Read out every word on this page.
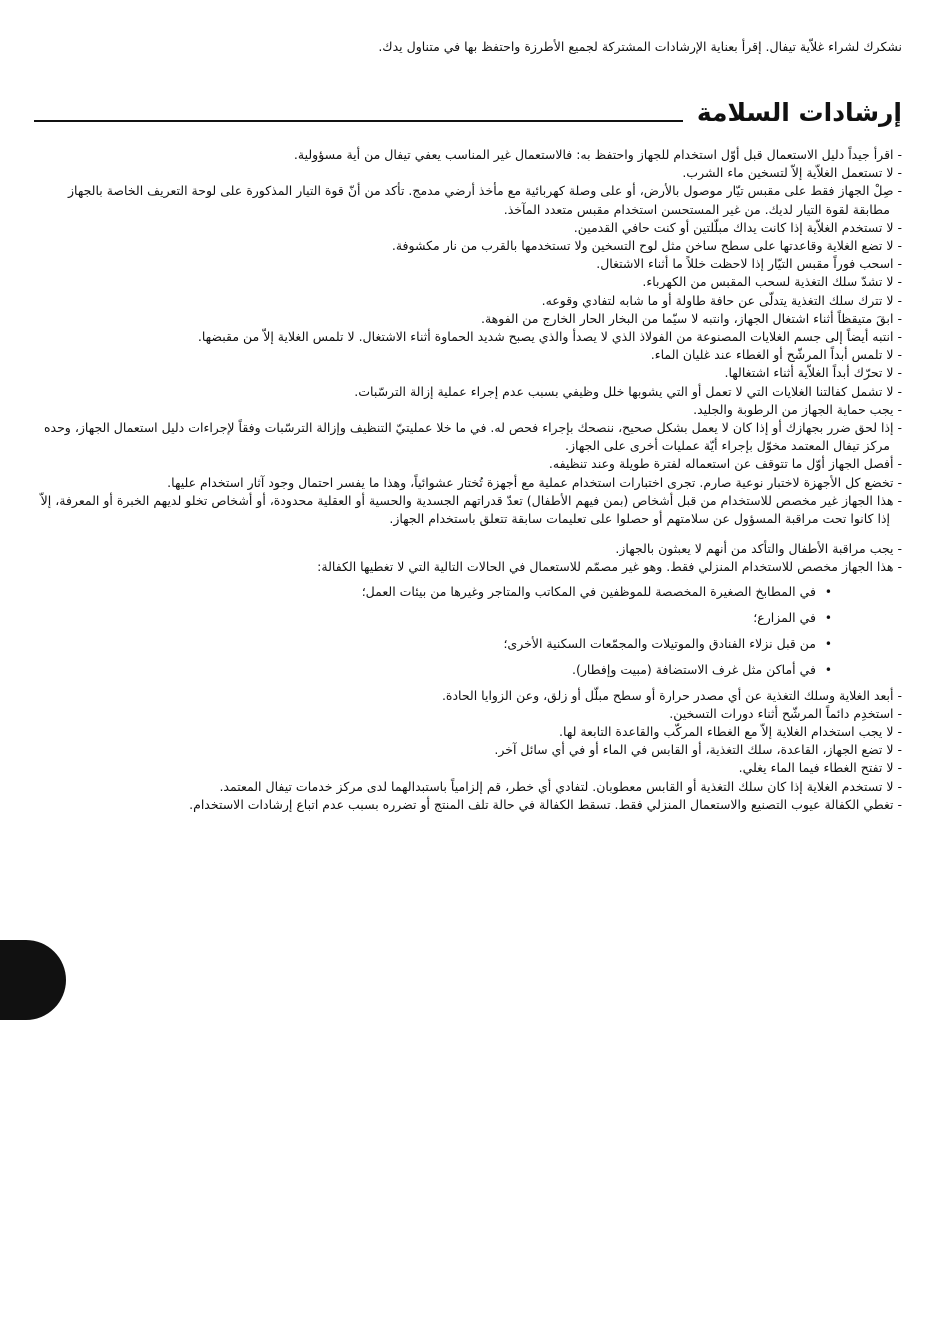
نشكرك لشراء غلاّية تيفال. إقرأ بعناية الإرشادات المشتركة لجميع الأطرزة واحتفظ بها في متناول يدك.

إرشادات السلامة

- اقرأ جيداً دليل الاستعمال قبل أوّل استخدام للجهاز واحتفظ به: فالاستعمال غير المناسب يعفي تيفال من أية مسؤولية.

- لا تستعمل الغلاّية إلاّ لتسخين ماء الشرب.

- صِلْ الجهاز فقط على مقبس تيّار موصول بالأرض، أو على وصلة كهربائية مع مأخذ أرضي مدمج. تأكد من أنّ قوة التيار المذكورة على لوحة التعريف الخاصة بالجهاز مطابقة لقوة التيار لديك. من غير المستحسن استخدام مقبس متعدد المآخذ.

- لا تستخدم الغلاّية إذا كانت يداك مبلّلتين أو كنت حافي القدمين.

- لا تضع الغلاية وقاعدتها على سطح ساخن مثل لوح التسخين ولا تستخدمها بالقرب من نار مكشوفة.

- اسحب فوراً مقبس التيّار إذا لاحظت خللاً ما أثناء الاشتغال.

- لا تشدّ سلك التغذية لسحب المقبس من الكهرباء.

- لا تترك سلك التغذية يتدلّى عن حافة طاولة أو ما شابه لتفادي وقوعه.

- ابقَ متيقظاً أثناء اشتغال الجهاز، وانتبه لا سيّما من البخار الحار الخارج من الفوهة.

- انتبه أيضاً إلى جسم الغلايات المصنوعة من الفولاذ الذي لا يصدأ والذي يصبح شديد الحماوة أثناء الاشتغال. لا تلمس الغلاية إلاّ من مقبضها.

- لا تلمس أبداً المرشّح أو الغطاء عند غليان الماء.

- لا تحرّك أبداً الغلاّية أثناء اشتغالها.

- لا تشمل كفالتنا الغلايات التي لا تعمل أو التي يشوبها خلل وظيفي بسبب عدم إجراء عملية إزالة الترسّبات.

- يجب حماية الجهاز من الرطوبة والجليد.

- إذا لحق ضرر بجهازك أو إذا كان لا يعمل بشكل صحيح، ننصحك بإجراء فحص له. في ما خلا عمليتيّ التنظيف وإزالة الترسّبات وفقاً لإجراءات دليل استعمال الجهاز، وحده مركز تيفال المعتمد مخوّل بإجراء أيّة عمليات أخرى على الجهاز.

- أفصل الجهاز أوّل ما تتوقف عن استعماله لفترة طويلة وعند تنظيفه.

- تخضع كل الأجهزة لاختبار نوعية صارم. تجرى اختبارات استخدام عملية مع أجهزة تُختار عشوائياً، وهذا ما يفسر احتمال وجود آثار استخدام عليها.

- هذا الجهاز غير مخصص للاستخدام من قبل أشخاص (بمن فيهم الأطفال) تعدّ قدراتهم الجسدية والحسية أو العقلية محدودة، أو أشخاص تخلو لديهم الخبرة أو المعرفة، إلاّ إذا كانوا تحت مراقبة المسؤول عن سلامتهم أو حصلوا على تعليمات سابقة تتعلق باستخدام الجهاز.

- يجب مراقبة الأطفال والتأكد من أنهم لا يعبثون بالجهاز.

- هذا الجهاز مخصص للاستخدام المنزلي فقط. وهو غير مصمّم للاستعمال في الحالات التالية التي لا تغطيها الكفالة:

•
في المطابخ الصغيرة المخصصة للموظفين في المكاتب والمتاجر وغيرها من بيئات العمل؛
•
في المزارع؛
•
من قبل نزلاء الفنادق والموتيلات والمجمّعات السكنية الأخرى؛
•
في أماكن مثل غرف الاستضافة (مبيت وإفطار).

- أبعد الغلاية وسلك التغذية عن أي مصدر حرارة أو سطح مبلّل أو زلق، وعن الزوايا الحادة.

- استخدِم دائماً المرشّح أثناء دورات التسخين.

- لا يجب استخدام الغلاية إلاّ مع الغطاء المركّب والقاعدة التابعة لها.

- لا تضع الجهاز، القاعدة، سلك التغذية، أو القابس في الماء أو في أي سائل آخر.

- لا تفتح الغطاء فيما الماء يغلي.

- لا تستخدم الغلاية إذا كان سلك التغذية أو القابس معطوبان. لتفادي أي خطر، قم إلزامياً باستبدالهما لدى مركز خدمات تيفال المعتمد.

- تغطي الكفالة عيوب التصنيع والاستعمال المنزلي فقط. تسقط الكفالة في حالة تلف المنتج أو تضرره بسبب عدم اتباع إرشادات الاستخدام.
